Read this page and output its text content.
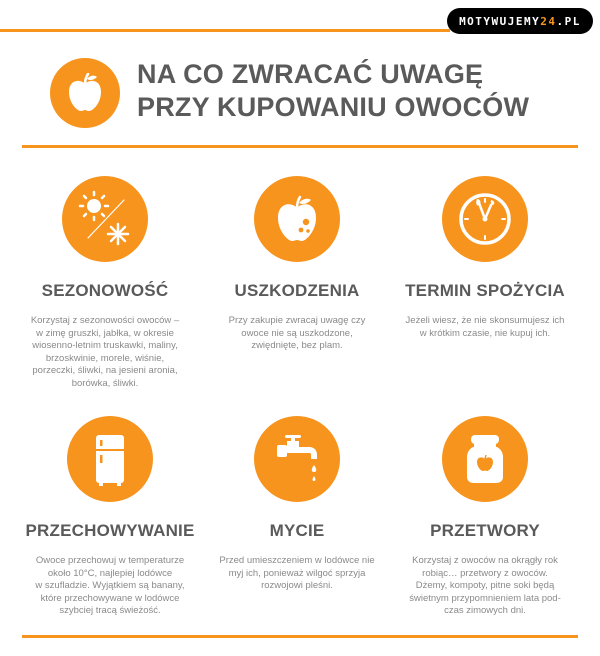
MOTYWUJEMY 24 .PL
NA CO ZWRACAĆ UWAGĘ
PRZY KUPOWANIU OWOCÓW
SEZONOWOŚĆ
Korzystaj z sezonowości owoców –
w zimę gruszki, jabłka, w okresie
wiosenno-letnim truskawki, maliny,
brzoskwinie, morele, wiśnie,
porzeczki, śliwki, na jesieni aronia,
borówka, śliwki.
USZKODZENIA
Przy zakupie zwracaj uwagę czy
owoce nie są uszkodzone,
zwiędnięte, bez plam.
TERMIN SPOŻYCIA
Jeżeli wiesz, że nie skonsumujesz ich
w krótkim czasie, nie kupuj ich.
PRZECHOWYWANIE
Owoce przechowuj w temperaturze
około 10°C, najlepiej lodówce
w szufladzie. Wyjątkiem są banany,
które przechowywane w lodówce
szybciej tracą świeżość.
MYCIE
Przed umieszczeniem w lodówce nie
myj ich, ponieważ wilgoć sprzyja
rozwojowi pleśni.
PRZETWORY
Korzystaj z owoców na okrągły rok
robiąc… przetwory z owoców.
Dżemy, kompoty, pitne soki będą
świetnym przypomnieniem lata pod-
czas zimowych dni.
